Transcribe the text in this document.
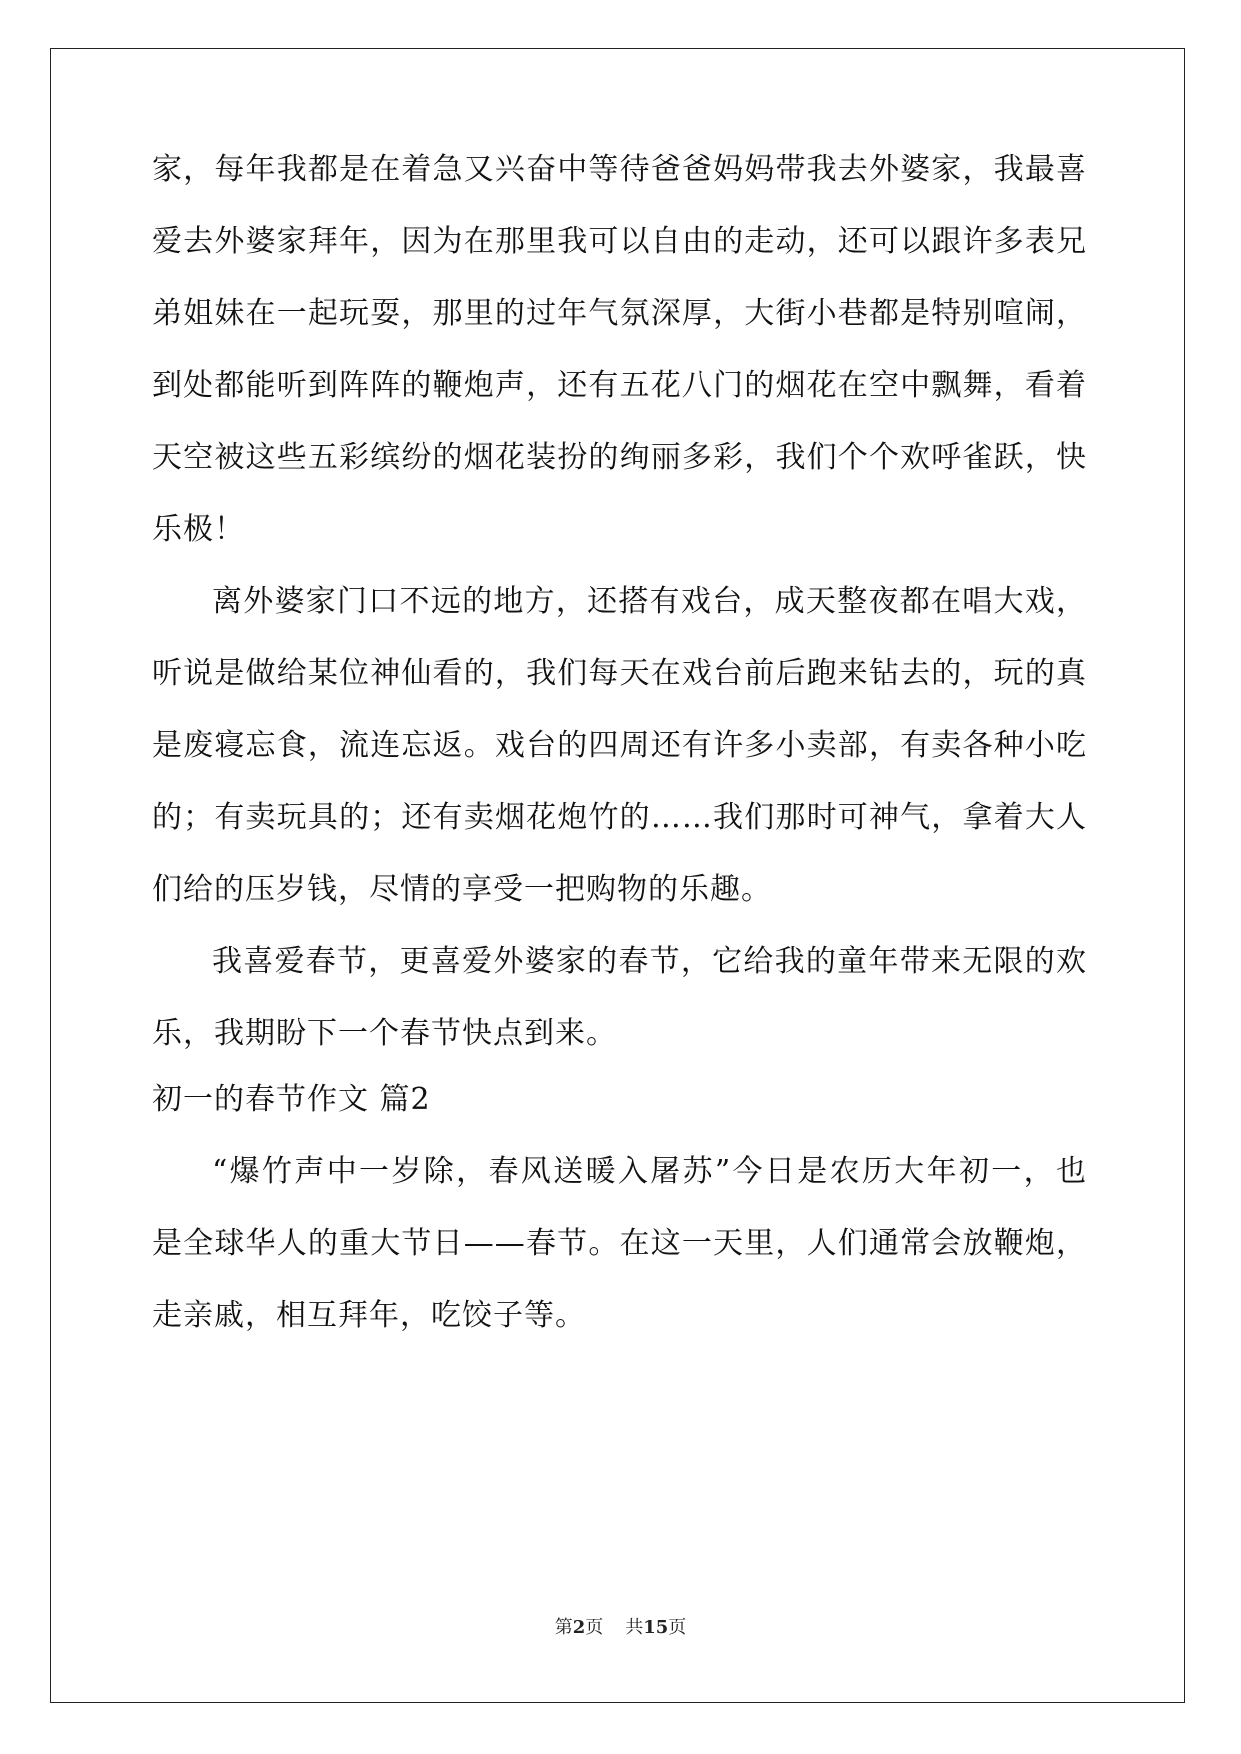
家，每年我都是在着急又兴奋中等待爸爸妈妈带我去外婆家，我最喜
爱去外婆家拜年，因为在那里我可以自由的走动，还可以跟许多表兄
弟姐妹在一起玩耍，那里的过年气氛深厚，大街小巷都是特别喧闹，
到处都能听到阵阵的鞭炮声，还有五花八门的烟花在空中飘舞，看着
天空被这些五彩缤纷的烟花装扮的绚丽多彩，我们个个欢呼雀跃，快
乐极！
离外婆家门口不远的地方，还搭有戏台，成天整夜都在唱大戏，
听说是做给某位神仙看的，我们每天在戏台前后跑来钻去的，玩的真
是废寝忘食，流连忘返。戏台的四周还有许多小卖部，有卖各种小吃
的；有卖玩具的；还有卖烟花炮竹的……我们那时可神气，拿着大人
们给的压岁钱，尽情的享受一把购物的乐趣。
我喜爱春节，更喜爱外婆家的春节，它给我的童年带来无限的欢
乐，我期盼下一个春节快点到来。
初一的春节作文 篇2
“爆竹声中一岁除，春风送暖入屠苏”今日是农历大年初一，也
是全球华人的重大节日——春节。在这一天里，人们通常会放鞭炮，
走亲戚，相互拜年，吃饺子等。
第2页 共15页
